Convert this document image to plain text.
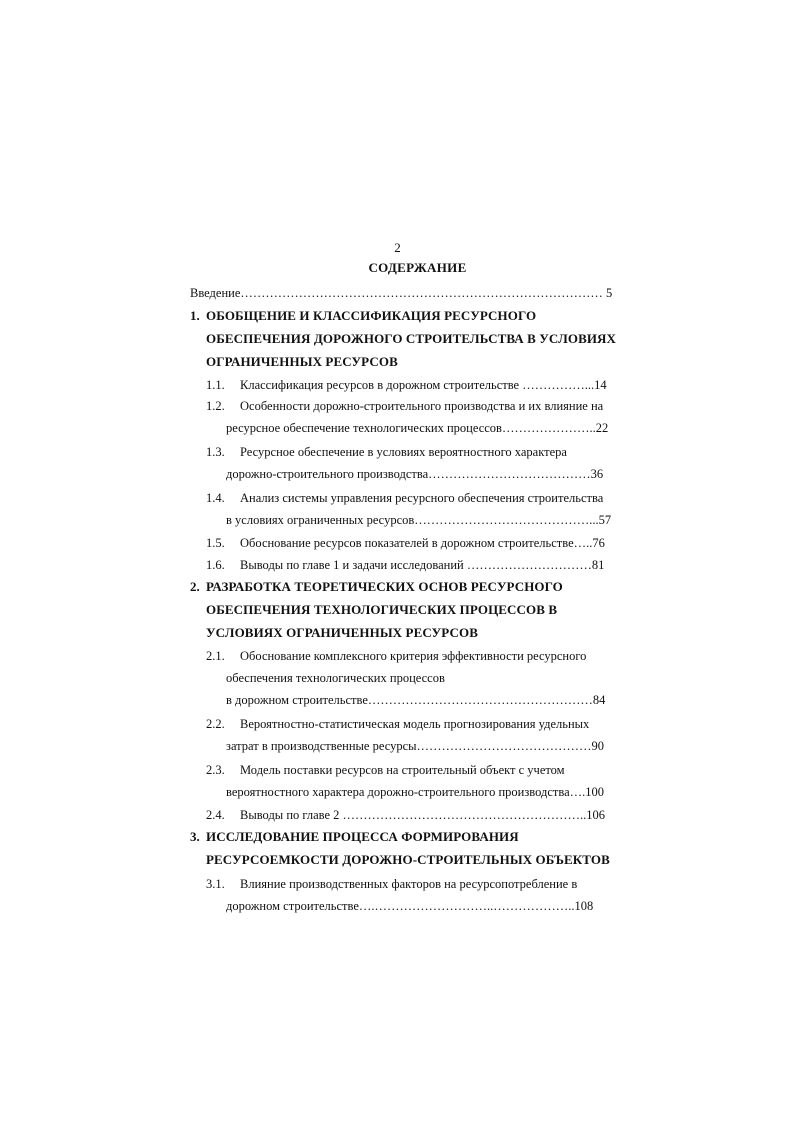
2
СОДЕРЖАНИЕ
Введение…………………………………………………………………………… 5
1. ОБОБЩЕНИЕ И КЛАССИФИКАЦИЯ РЕСУРСНОГО
ОБЕСПЕЧЕНИЯ ДОРОЖНОГО СТРОИТЕЛЬСТВА В УСЛОВИЯХ
ОГРАНИЧЕННЫХ РЕСУРСОВ
1.1. Классификация ресурсов в дорожном строительстве ……………...14
1.2. Особенности дорожно-строительного производства и их влияние на
ресурсное обеспечение технологических процессов…………………..22
1.3. Ресурсное обеспечение в условиях вероятностного характера
дорожно-строительного производства…………………………………36
1.4. Анализ системы управления ресурсного обеспечения строительства
в условиях ограниченных ресурсов……………………………………...57
1.5. Обоснование ресурсов показателей в дорожном строительстве…..76
1.6. Выводы по главе 1 и задачи исследований …………………………81
2. РАЗРАБОТКА ТЕОРЕТИЧЕСКИХ ОСНОВ РЕСУРСНОГО
ОБЕСПЕЧЕНИЯ ТЕХНОЛОГИЧЕСКИХ ПРОЦЕССОВ В
УСЛОВИЯХ ОГРАНИЧЕННЫХ РЕСУРСОВ
2.1. Обоснование комплексного критерия эффективности ресурсного
обеспечения технологических процессов
в дорожном строительстве………………………………………………84
2.2. Вероятностно-статистическая модель прогнозирования удельных
затрат в производственные ресурсы……………………………………90
2.3. Модель поставки ресурсов на строительный объект с учетом
вероятностного характера дорожно-строительного производства….100
2.4. Выводы по главе 2 …………………………………………………..106
3. ИССЛЕДОВАНИЕ ПРОЦЕССА ФОРМИРОВАНИЯ
РЕСУРСОЕМКОСТИ ДОРОЖНО-СТРОИТЕЛЬНЫХ ОБЪЕКТОВ
3.1. Влияние производственных факторов на ресурсопотребление в
дорожном строительстве….………………………..………………..108
